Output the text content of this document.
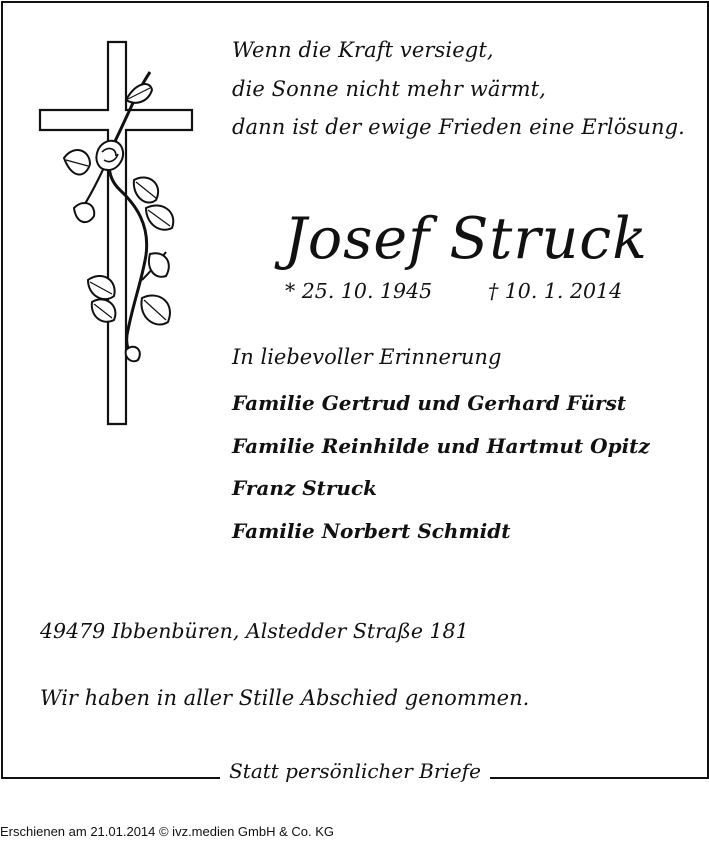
Wenn die Kraft versiegt,
die Sonne nicht mehr wärmt,
dann ist der ewige Frieden eine Erlösung.
Josef Struck
* 25. 10. 1945	† 10. 1. 2014
In liebevoller Erinnerung
Familie Gertrud und Gerhard Fürst
Familie Reinhilde und Hartmut Opitz
Franz Struck
Familie Norbert Schmidt
49479 Ibbenbüren, Alstedder Straße 181
Wir haben in aller Stille Abschied genommen.
Statt persönlicher Briefe
Erschienen am 21.01.2014 © ivz.medien GmbH & Co. KG
